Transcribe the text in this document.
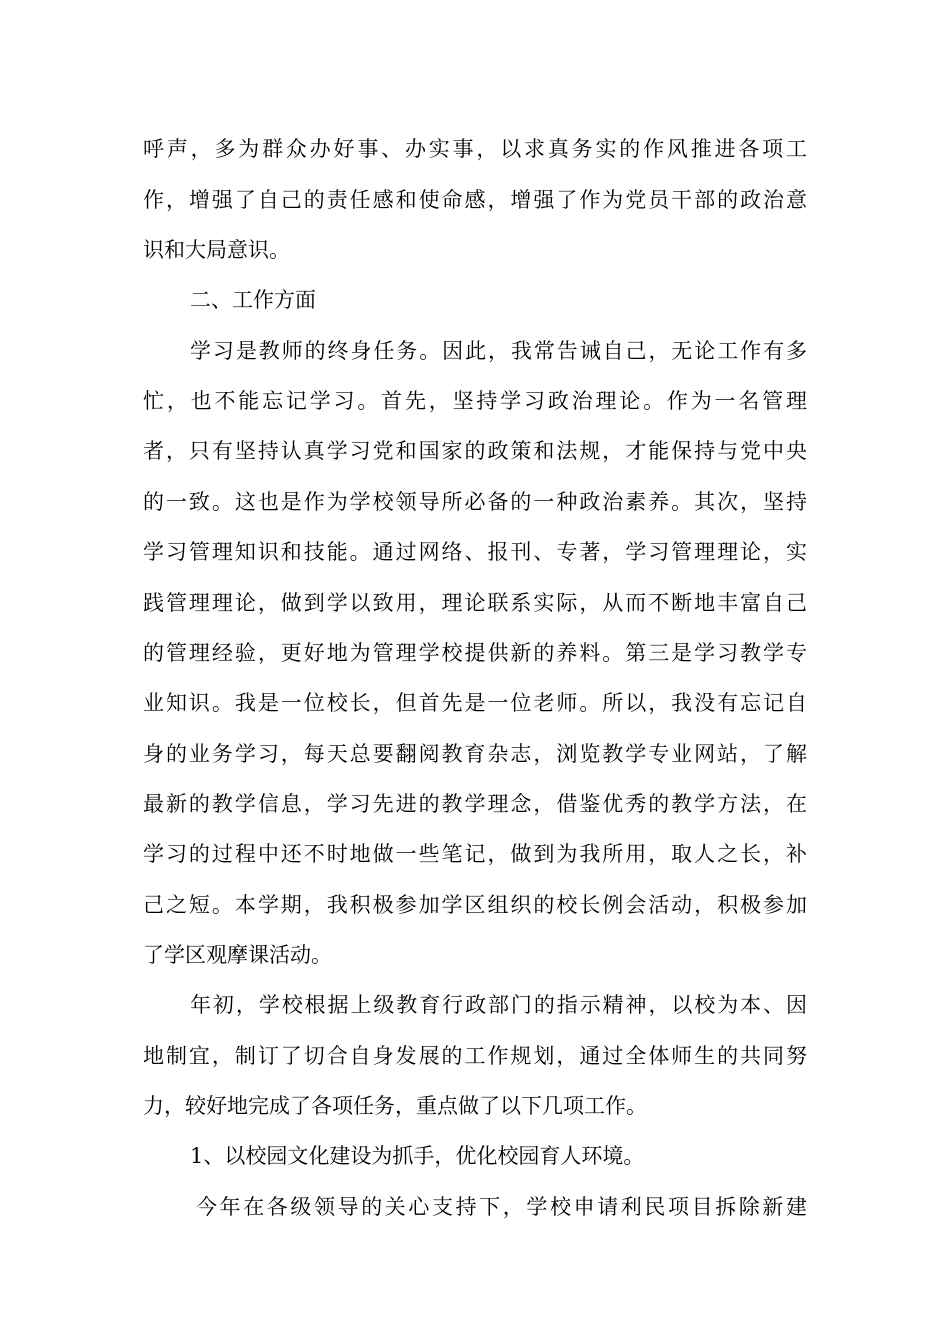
呼声，多为群众办好事、办实事，以求真务实的作风推进各项工
作，增强了自己的责任感和使命感，增强了作为党员干部的政治意
识和大局意识。
二、工作方面
学习是教师的终身任务。因此，我常告诫自己，无论工作有多
忙，也不能忘记学习。首先，坚持学习政治理论。作为一名管理
者，只有坚持认真学习党和国家的政策和法规，才能保持与党中央
的一致。这也是作为学校领导所必备的一种政治素养。其次，坚持
学习管理知识和技能。通过网络、报刊、专著，学习管理理论，实
践管理理论，做到学以致用，理论联系实际，从而不断地丰富自己
的管理经验，更好地为管理学校提供新的养料。第三是学习教学专
业知识。我是一位校长，但首先是一位老师。所以，我没有忘记自
身的业务学习，每天总要翻阅教育杂志，浏览教学专业网站，了解
最新的教学信息，学习先进的教学理念，借鉴优秀的教学方法，在
学习的过程中还不时地做一些笔记，做到为我所用，取人之长，补
己之短。本学期，我积极参加学区组织的校长例会活动，积极参加
了学区观摩课活动。
年初，学校根据上级教育行政部门的指示精神，以校为本、因
地制宜，制订了切合自身发展的工作规划，通过全体师生的共同努
力，较好地完成了各项任务，重点做了以下几项工作。
1、以校园文化建设为抓手，优化校园育人环境。
今年在各级领导的关心支持下，学校申请利民项目拆除新建
